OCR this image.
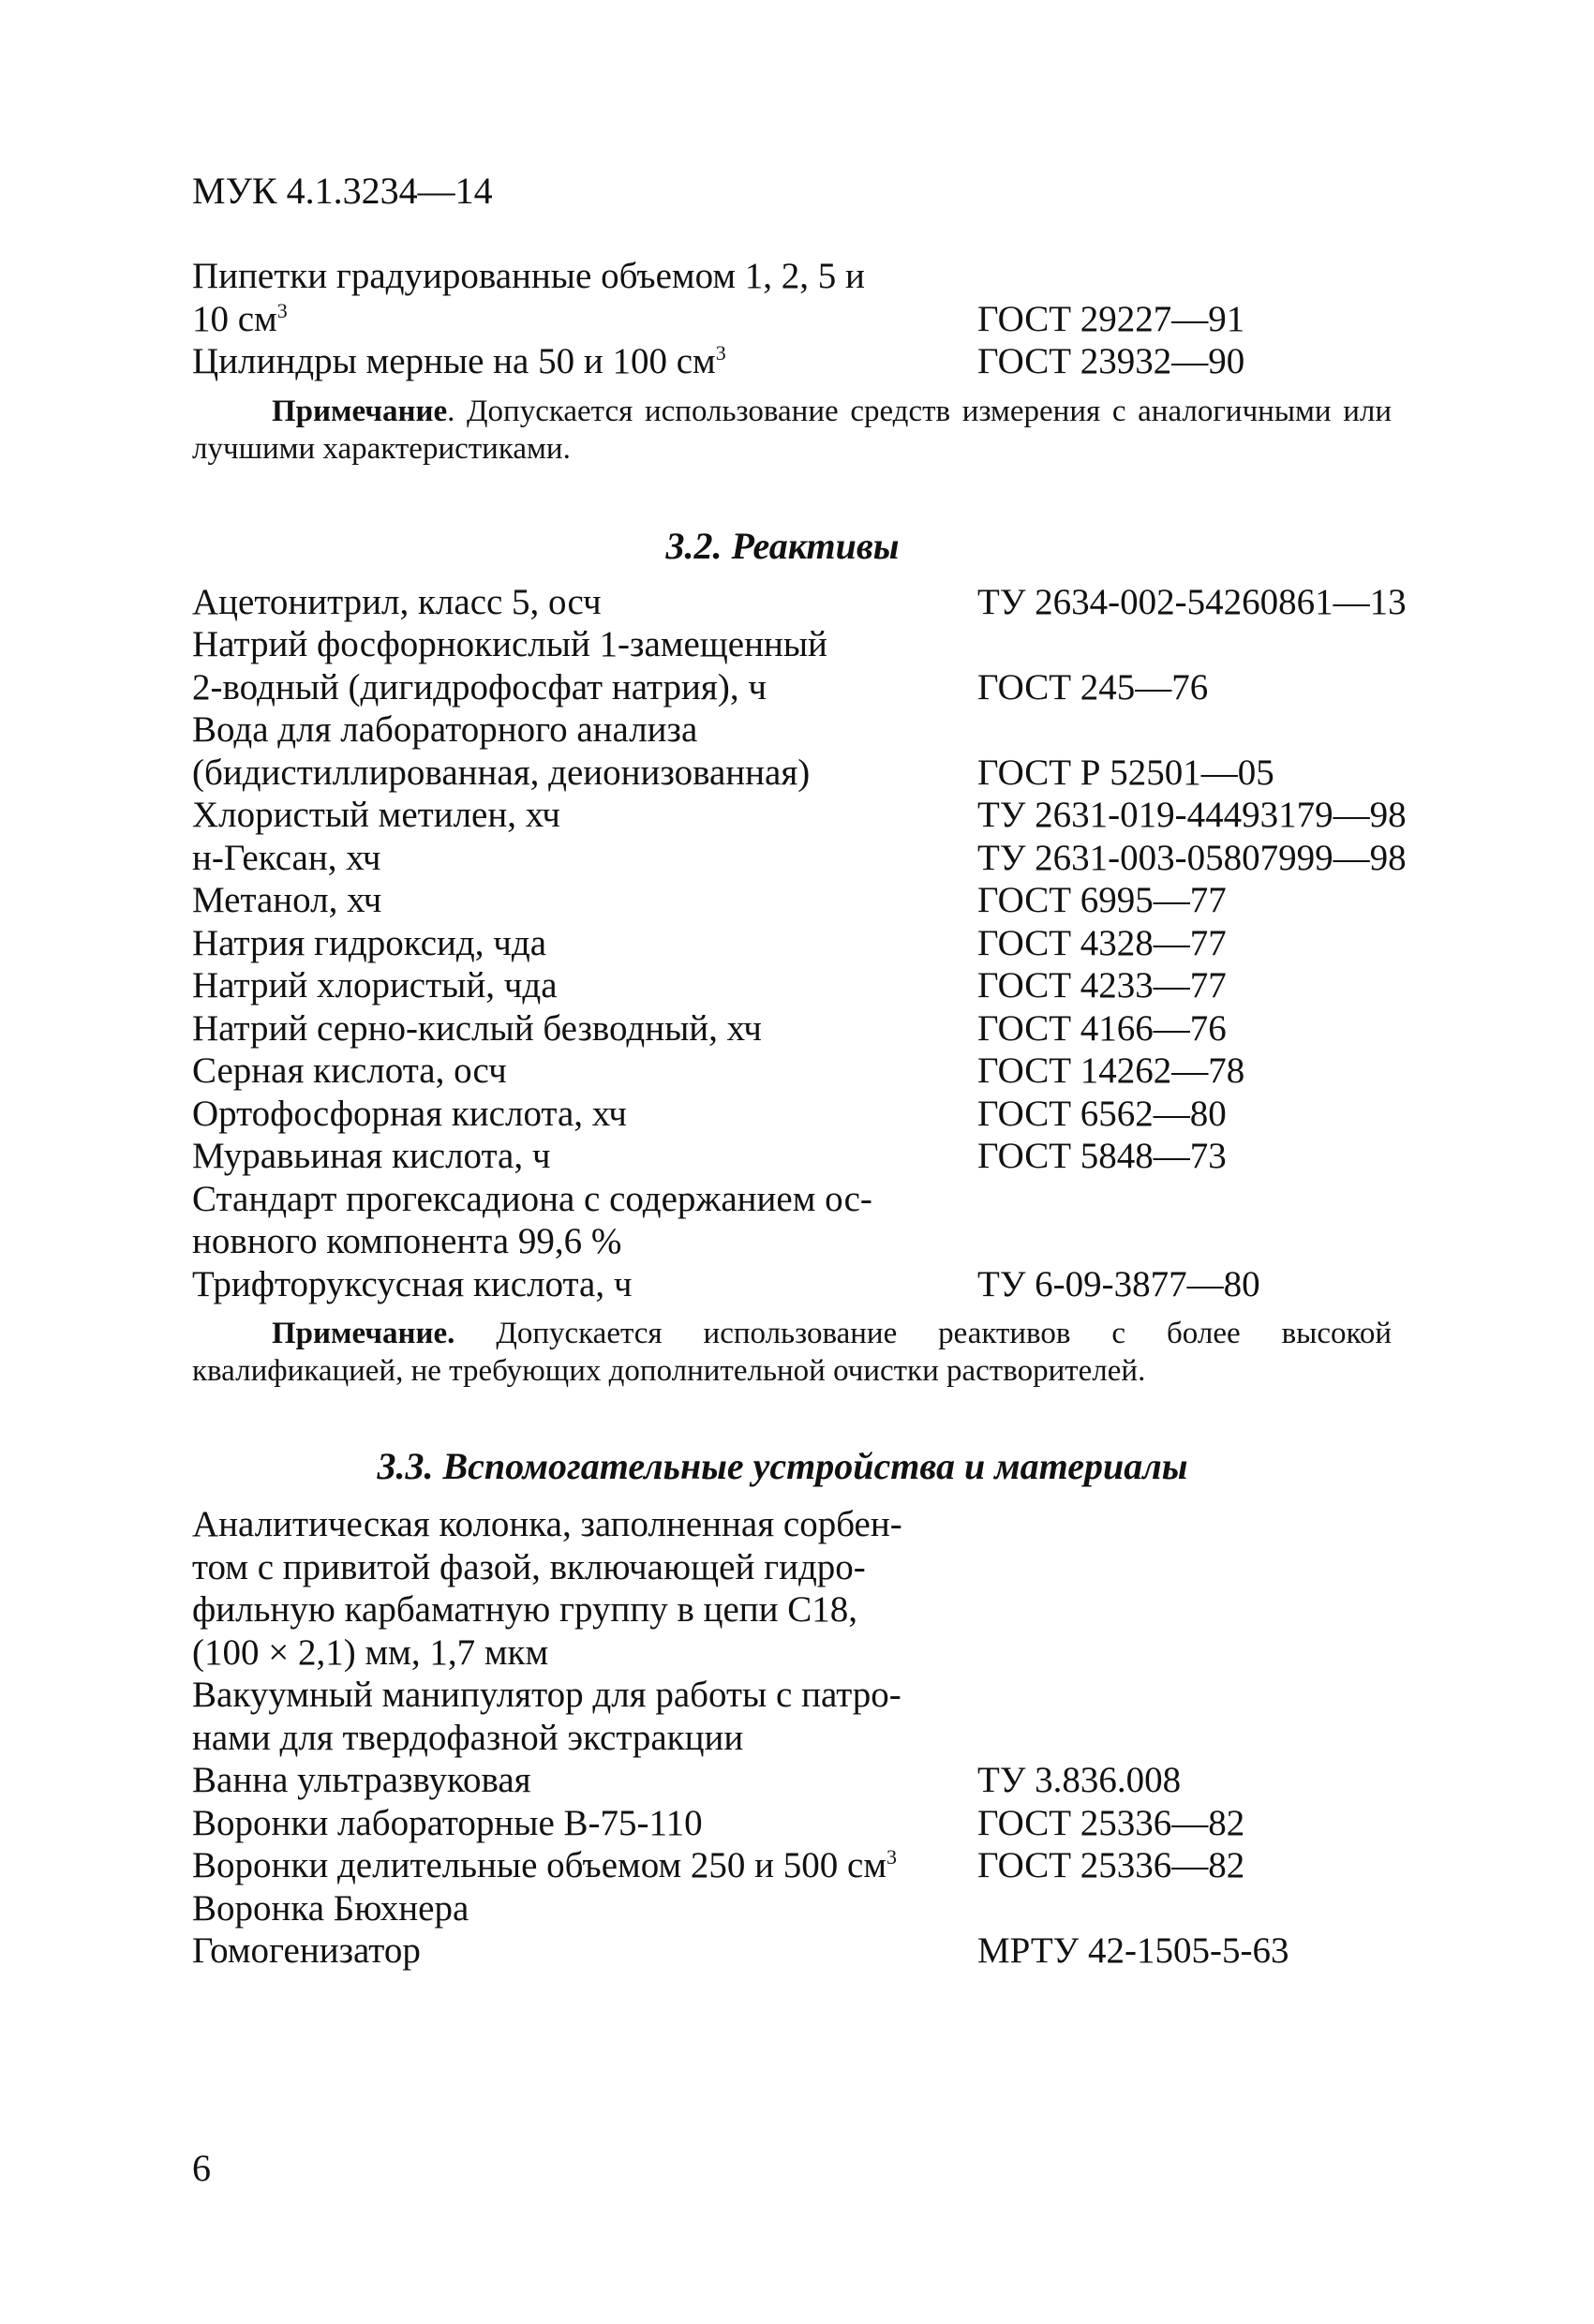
МУК 4.1.3234—14
Пипетки градуированные объемом 1, 2, 5 и
10 $см^3$	ГОСТ 29227—91
Цилиндры мерные на 50 и 100 $см^3$	ГОСТ 23932—90
Примечание. Допускается использование средств измерения с аналогичными или лучшими характеристиками.
3.2. Реактивы
Ацетонитрил, класс 5, осч	ТУ 2634-002-54260861—13
Натрий фосфорнокислый 1-замещенный
2-водный (дигидрофосфат натрия), ч	ГОСТ 245—76
Вода для лабораторного анализа
(бидистиллированная, деионизованная)	ГОСТ Р 52501—05
Хлористый метилен, хч	ТУ 2631-019-44493179—98
н-Гексан, хч	ТУ 2631-003-05807999—98
Метанол, хч	ГОСТ 6995—77
Натрия гидроксид, чда	ГОСТ 4328—77
Натрий хлористый, чда	ГОСТ 4233—77
Натрий серно-кислый безводный, хч	ГОСТ 4166—76
Серная кислота, осч	ГОСТ 14262—78
Ортофосфорная кислота, хч	ГОСТ 6562—80
Муравьиная кислота, ч	ГОСТ 5848—73
Стандарт прогексадиона с содержанием ос-
новного компонента 99,6 %
Трифторуксусная кислота, ч	ТУ 6-09-3877—80
Примечание. Допускается использование реактивов с более высокой квалификацией, не требующих дополнительной очистки растворителей.
3.3. Вспомогательные устройства и материалы
Аналитическая колонка, заполненная сорбен-
том с привитой фазой, включающей гидро-
фильную карбаматную группу в цепи С18,
(100 × 2,1) мм, 1,7 мкм
Вакуумный манипулятор для работы с патро-
нами для твердофазной экстракции
Ванна ультразвуковая	ТУ 3.836.008
Воронки лабораторные В-75-110	ГОСТ 25336—82
Воронки делительные объемом 250 и 500 $см^3$	ГОСТ 25336—82
Воронка Бюхнера
Гомогенизатор	МРТУ 42-1505-5-63
6
